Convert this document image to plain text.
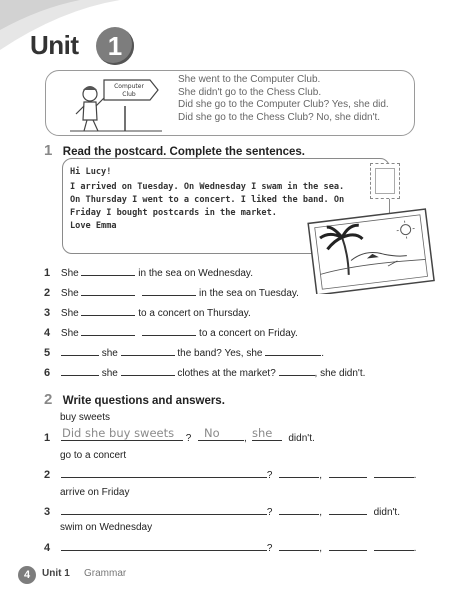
Unit	1
Computer
Club
She went to the Computer Club.
She didn't go to the Chess Club.
Did she go to the Computer Club? Yes, she did.
Did she go to the Chess Club? No, she didn't.
1 Read the postcard. Complete the sentences.
Hi Lucy!
I arrived on Tuesday. On Wednesday I swam in the sea.
On Thursday I went to a concert. I liked the band. On
Friday I bought postcards in the market.
Love Emma
1 She	in the sea on Wednesday.
2 She	in the sea on Tuesday.
3 She	to a concert on Thursday.
4 She	to a concert on Friday.
5	she	the band? Yes, she	.
6	she	clothes at the market?	, she didn't.
2 Write questions and answers.
buy sweets
1	?	,	didn't.
Did she buy sweets	No	she
go to a concert
2	?	,	.
arrive on Friday
3	?	,	didn't.
swim on Wednesday
4	?	,	.
4	Unit 1 Grammar
